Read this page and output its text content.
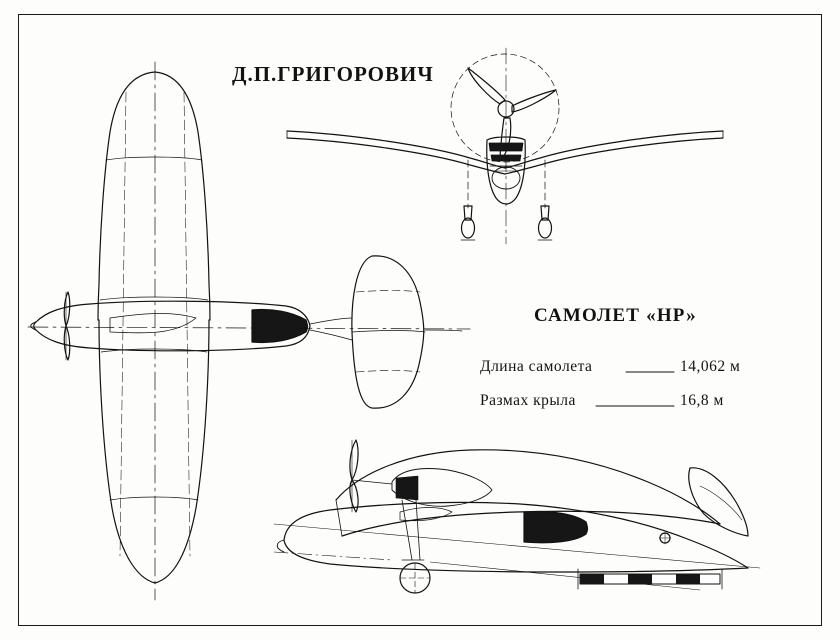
Д.П.ГРИГОРОВИЧ
САМОЛЕТ «НР»
Длина самолета	14,062 м
Размах крыла	16,8 м
